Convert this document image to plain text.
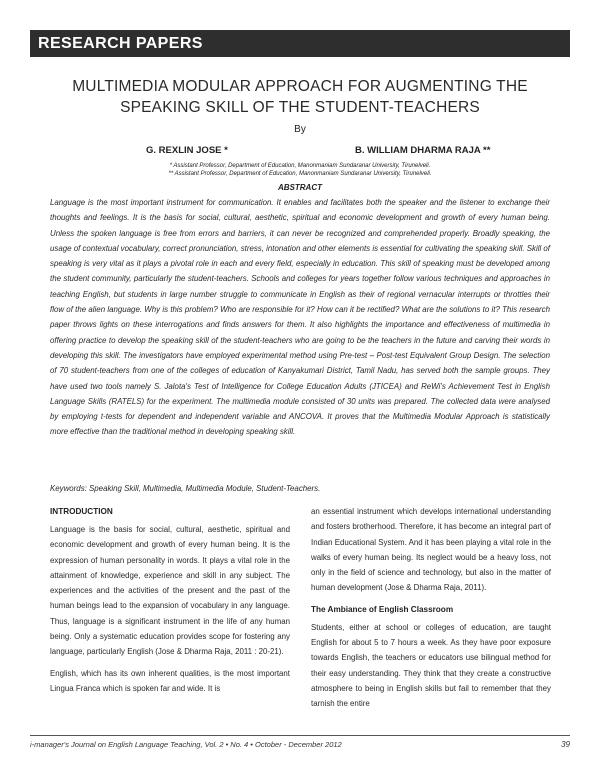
RESEARCH PAPERS
MULTIMEDIA MODULAR APPROACH FOR AUGMENTING THE SPEAKING SKILL OF THE STUDENT-TEACHERS
By
G. REXLIN JOSE *	B. WILLIAM DHARMA RAJA **
* Assistant Professor, Department of Education, Manonmaniam Sundaranar University, Tirunelveli.
** Assistant Professor, Department of Education, Manonmaniam Sundaranar University, Tirunelveli.
ABSTRACT

Language is the most important instrument for communication. It enables and facilitates both the speaker and the listener to exchange their thoughts and feelings. It is the basis for social, cultural, aesthetic, spiritual and economic development and growth of every human being. Unless the spoken language is free from errors and barriers, it can never be recognized and comprehended properly. Broadly speaking, the usage of contextual vocabulary, correct pronunciation, stress, intonation and other elements is essential for cultivating the speaking skill. Skill of speaking is very vital as it plays a pivotal role in each and every field, especially in education. This skill of speaking must be developed among the student community, particularly the student-teachers. Schools and colleges for years together follow various techniques and approaches in teaching English, but students in large number struggle to communicate in English as their of regional vernacular interrupts or throttles their flow of the alien language. Why is this problem? Who are responsible for it? How can it be rectified? What are the solutions to it? This research paper throws lights on these interrogations and finds answers for them. It also highlights the importance and effectiveness of multimedia in offering practice to develop the speaking skill of the student-teachers who are going to be the teachers in the future and carving their words in developing this skill. The investigators have employed experimental method using Pre-test – Post-test Equivalent Group Design. The selection of 70 student-teachers from one of the colleges of education of Kanyakumari District, Tamil Nadu, has served both the sample groups. They have used two tools namely S. Jalota's Test of Intelligence for College Education Adults (JTICEA) and ReWi's Achievement Test in English Language Skills (RATELS) for the experiment. The multimedia module consisted of 30 units was prepared. The collected data were analysed by employing t-tests for dependent and independent variable and ANCOVA. It proves that the Multimedia Modular Approach is statistically more effective than the traditional method in developing speaking skill.

Keywords: Speaking Skill, Multimedia, Multimedia Module, Student-Teachers.

INTRODUCTION

Language is the basis for social, cultural, aesthetic, spiritual and economic development and growth of every human being. It is the expression of human personality in words. It plays a vital role in the attainment of knowledge, experience and skill in any subject. The experiences and the activities of the present and the past of the human beings lead to the expansion of vocabulary in any language. Thus, language is a significant instrument in the life of any human being. Only a systematic education provides scope for fostering any language, particularly English (Jose & Dharma Raja, 2011 : 20-21).

English, which has its own inherent qualities, is the most important Lingua Franca which is spoken far and wide. It is

an essential instrument which develops international understanding and fosters brotherhood. Therefore, it has become an integral part of Indian Educational System. And it has been playing a vital role in the walks of every human being. Its neglect would be a heavy loss, not only in the field of science and technology, but also in the matter of human development (Jose & Dharma Raja, 2011).

The Ambiance of English Classroom

Students, either at school or colleges of education, are taught English for about 5 to 7 hours a week. As they have poor exposure towards English, the teachers or educators use bilingual method for their easy understanding. They think that they create a constructive atmosphere to being in English skills but fail to remember that they tarnish the entire

i-manager's Journal on English Language Teaching, Vol. 2 • No. 4 • October - December 2012	39
